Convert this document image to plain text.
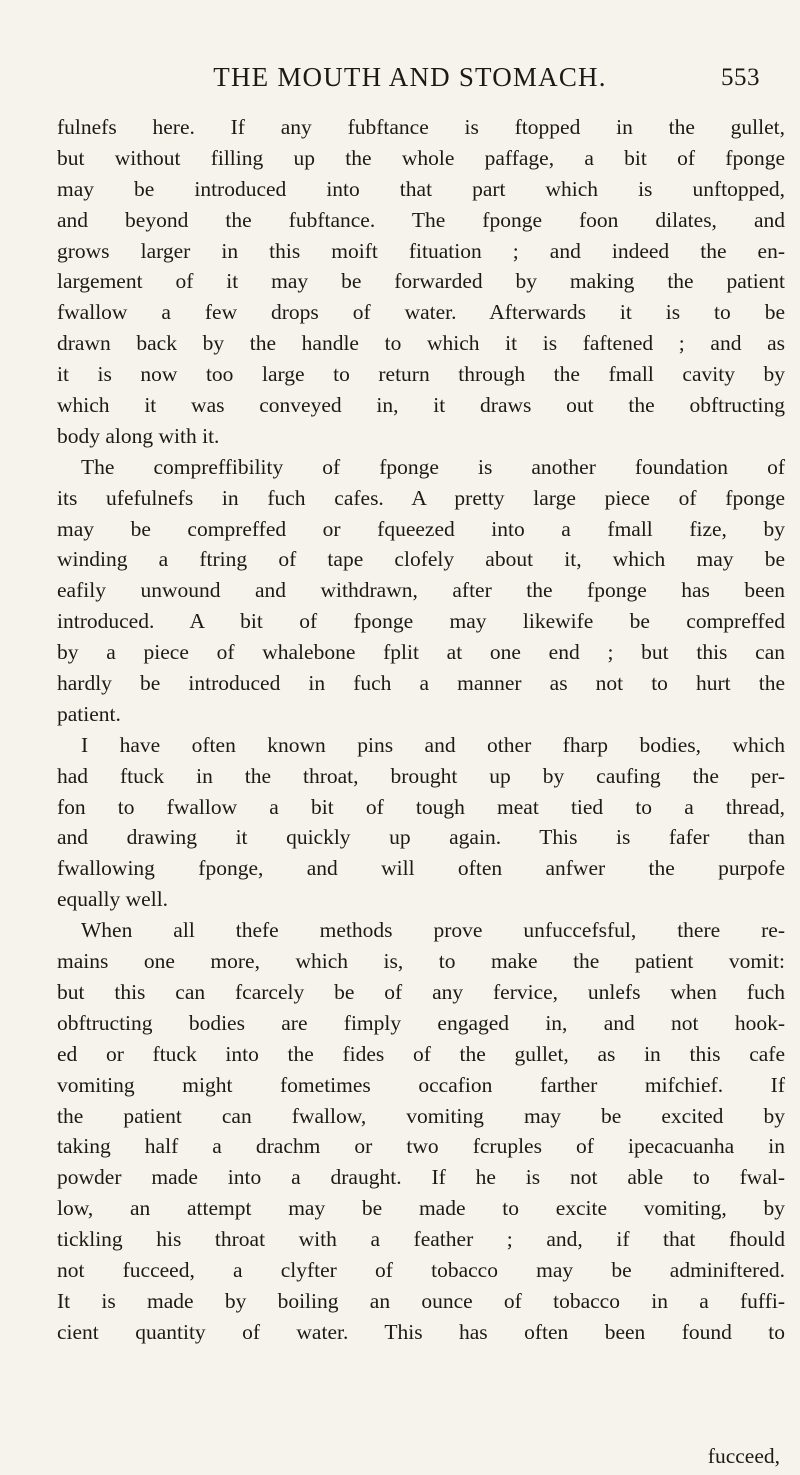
THE MOUTH AND STOMACH.	553
fulnefs here. If any fubftance is ftopped in the gullet,
but without filling up the whole paffage, a bit of fponge
may be introduced into that part which is unftopped,
and beyond the fubftance. The fponge foon dilates, and
grows larger in this moift fituation ; and indeed the en-
largement of it may be forwarded by making the patient
fwallow a few drops of water. Afterwards it is to be
drawn back by the handle to which it is faftened ; and as
it is now too large to return through the fmall cavity by
which it was conveyed in, it draws out the obftructing
body along with it.
The compreffibility of fponge is another foundation of
its ufefulnefs in fuch cafes. A pretty large piece of fponge
may be compreffed or fqueezed into a fmall fize, by
winding a ftring of tape clofely about it, which may be
eafily unwound and withdrawn, after the fponge has been
introduced. A bit of fponge may likewife be compreffed
by a piece of whalebone fplit at one end ; but this can
hardly be introduced in fuch a manner as not to hurt the
patient.
I have often known pins and other fharp bodies, which
had ftuck in the throat, brought up by caufing the per-
fon to fwallow a bit of tough meat tied to a thread,
and drawing it quickly up again. This is fafer than
fwallowing fponge, and will often anfwer the purpofe
equally well.
When all thefe methods prove unfuccefsful, there re-
mains one more, which is, to make the patient vomit:
but this can fcarcely be of any fervice, unlefs when fuch
obftructing bodies are fimply engaged in, and not hook-
ed or ftuck into the fides of the gullet, as in this cafe
vomiting might fometimes occafion farther mifchief. If
the patient can fwallow, vomiting may be excited by
taking half a drachm or two fcruples of ipecacuanha in
powder made into a draught. If he is not able to fwal-
low, an attempt may be made to excite vomiting, by
tickling his throat with a feather ; and, if that fhould
not fucceed, a clyfter of tobacco may be adminiftered.
It is made by boiling an ounce of tobacco in a fuffi-
cient quantity of water. This has often been found to
fucceed,
